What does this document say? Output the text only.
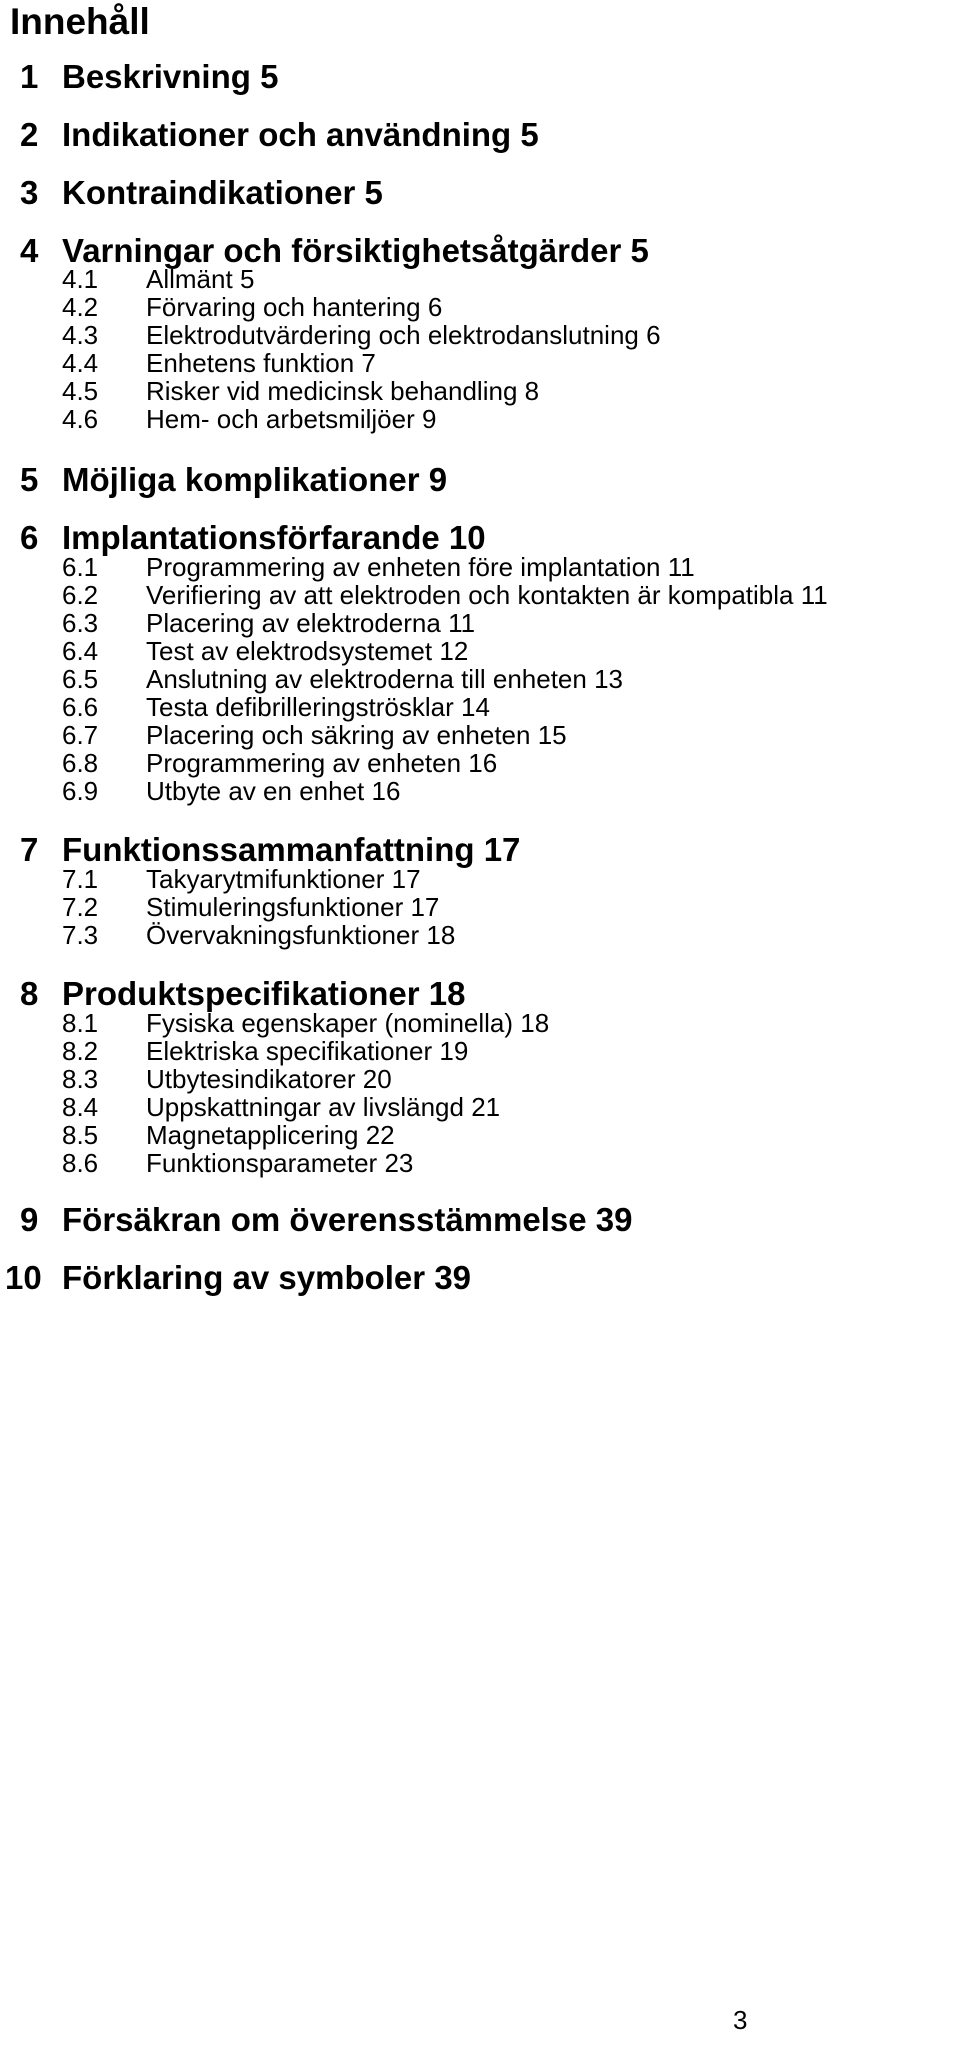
Innehåll
1 Beskrivning 5
2 Indikationer och användning 5
3 Kontraindikationer 5
4 Varningar och försiktighetsåtgärder 5
4.1 Allmänt 5
4.2 Förvaring och hantering 6
4.3 Elektrodutvärdering och elektrodanslutning 6
4.4 Enhetens funktion 7
4.5 Risker vid medicinsk behandling 8
4.6 Hem- och arbetsmiljöer 9
5 Möjliga komplikationer 9
6 Implantationsförfarande 10
6.1 Programmering av enheten före implantation 11
6.2 Verifiering av att elektroden och kontakten är kompatibla 11
6.3 Placering av elektroderna 11
6.4 Test av elektrodsystemet 12
6.5 Anslutning av elektroderna till enheten 13
6.6 Testa defibrilleringströsklar 14
6.7 Placering och säkring av enheten 15
6.8 Programmering av enheten 16
6.9 Utbyte av en enhet 16
7 Funktionssammanfattning 17
7.1 Takyarytmifunktioner 17
7.2 Stimuleringsfunktioner 17
7.3 Övervakningsfunktioner 18
8 Produktspecifikationer 18
8.1 Fysiska egenskaper (nominella) 18
8.2 Elektriska specifikationer 19
8.3 Utbytesindikatorer 20
8.4 Uppskattningar av livslängd 21
8.5 Magnetapplicering 22
8.6 Funktionsparameter 23
9 Försäkran om överensstämmelse 39
10 Förklaring av symboler 39
3
